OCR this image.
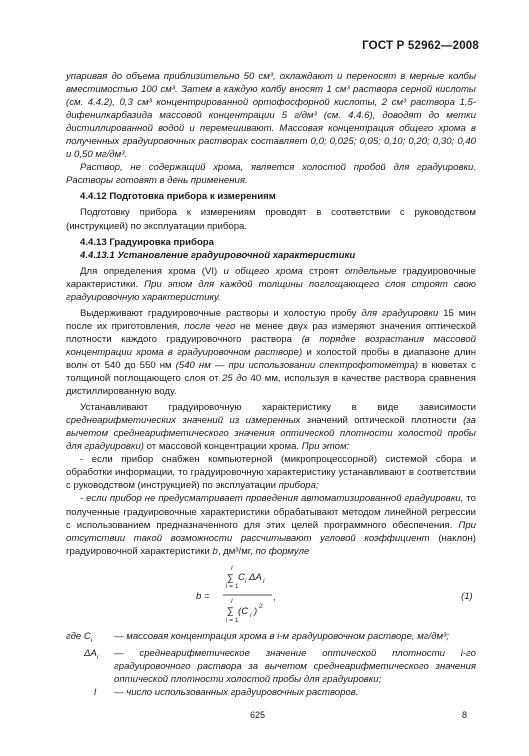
ГОСТ Р 52962—2008

упаривая до объема приблизительно 50 см³, охлаждают и переносят в мерные колбы вместимостью 100 см³. Затем в каждую колбу вносят 1 см³ раствора серной кислоты (см. 4.4.2), 0,3 см³ концентрированной ортофосфорной кислоты, 2 см³ раствора 1,5-дифенилкарбазида массовой концентрации 5 г/дм³ (см. 4.4.6), доводят до метки дистиллированной водой и перемешивают. Массовая концентрация общего хрома в полученных градуировочных растворах составляет 0,0; 0,025; 0,05; 0,10; 0,20; 0,30; 0,40 и 0,50 мг/дм³.

Раствор, не содержащий хрома, является холостой пробой для градуировки. Растворы готовят в день применения.

4.4.12 Подготовка прибора к измерениям

Подготовку прибора к измерениям проводят в соответствии с руководством (инструкцией) по эксплуатации прибора.

4.4.13 Градуировка прибора

4.4.13.1 Установление градуировочной характеристики

Для определения хрома (VI) и общего хрома строят отдельные градуировочные характеристики. При этом для каждой толщины поглощающего слоя строят свою градуировочную характеристику.

Выдерживают градуировочные растворы и холостую пробу для градуировки 15 мин после их приготовления, после чего не менее двух раз измеряют значения оптической плотности каждого градуировочного раствора (в порядке возрастания массовой концентрации хрома в градуировочном растворе) и холостой пробы в диапазоне длин волн от 540 до 550 нм (540 нм — при использовании спектрофотометра) в кюветах с толщиной поглощающего слоя от 25 до 40 мм, используя в качестве раствора сравнения дистиллированную воду.

Устанавливают градуировочную характеристику в виде зависимости среднеарифметических значений из измеренных значений оптической плотности (за вычетом среднеарифметического значения оптической плотности холостой пробы для градуировки) от массовой концентрации хрома. При этом:

- если прибор снабжен компьютерной (микропроцессорной) системой сбора и обработки информации, то градуировочную характеристику устанавливают в соответствии с руководством (инструкцией) по эксплуатации прибора;

- если прибор не предусматривает проведения автоматизированной градуировки, то полученные градуировочные характеристики обрабатывают методом линейной регрессии с использованием предназначенного для этих целей программного обеспечения. При отсутствии такой возможности рассчитывают угловой коэффициент (наклон) градуировочной характеристики b, дм³/мг, по формуле

b =
l
∑
i = 1
C i ΔA i
l
∑
i = 1
(C i ) 2
,	(1)
где $C_i$	— массовая концентрация хрома в i-м градуировочном растворе, мг/дм³;
$\Delta A_i$	— среднеарифметическое значение оптической плотности i-го градуировочного раствора за вычетом среднеарифметического значения оптической плотности холостой пробы для градуировки;
l	— число использованных градуировочных растворов.
625	8
